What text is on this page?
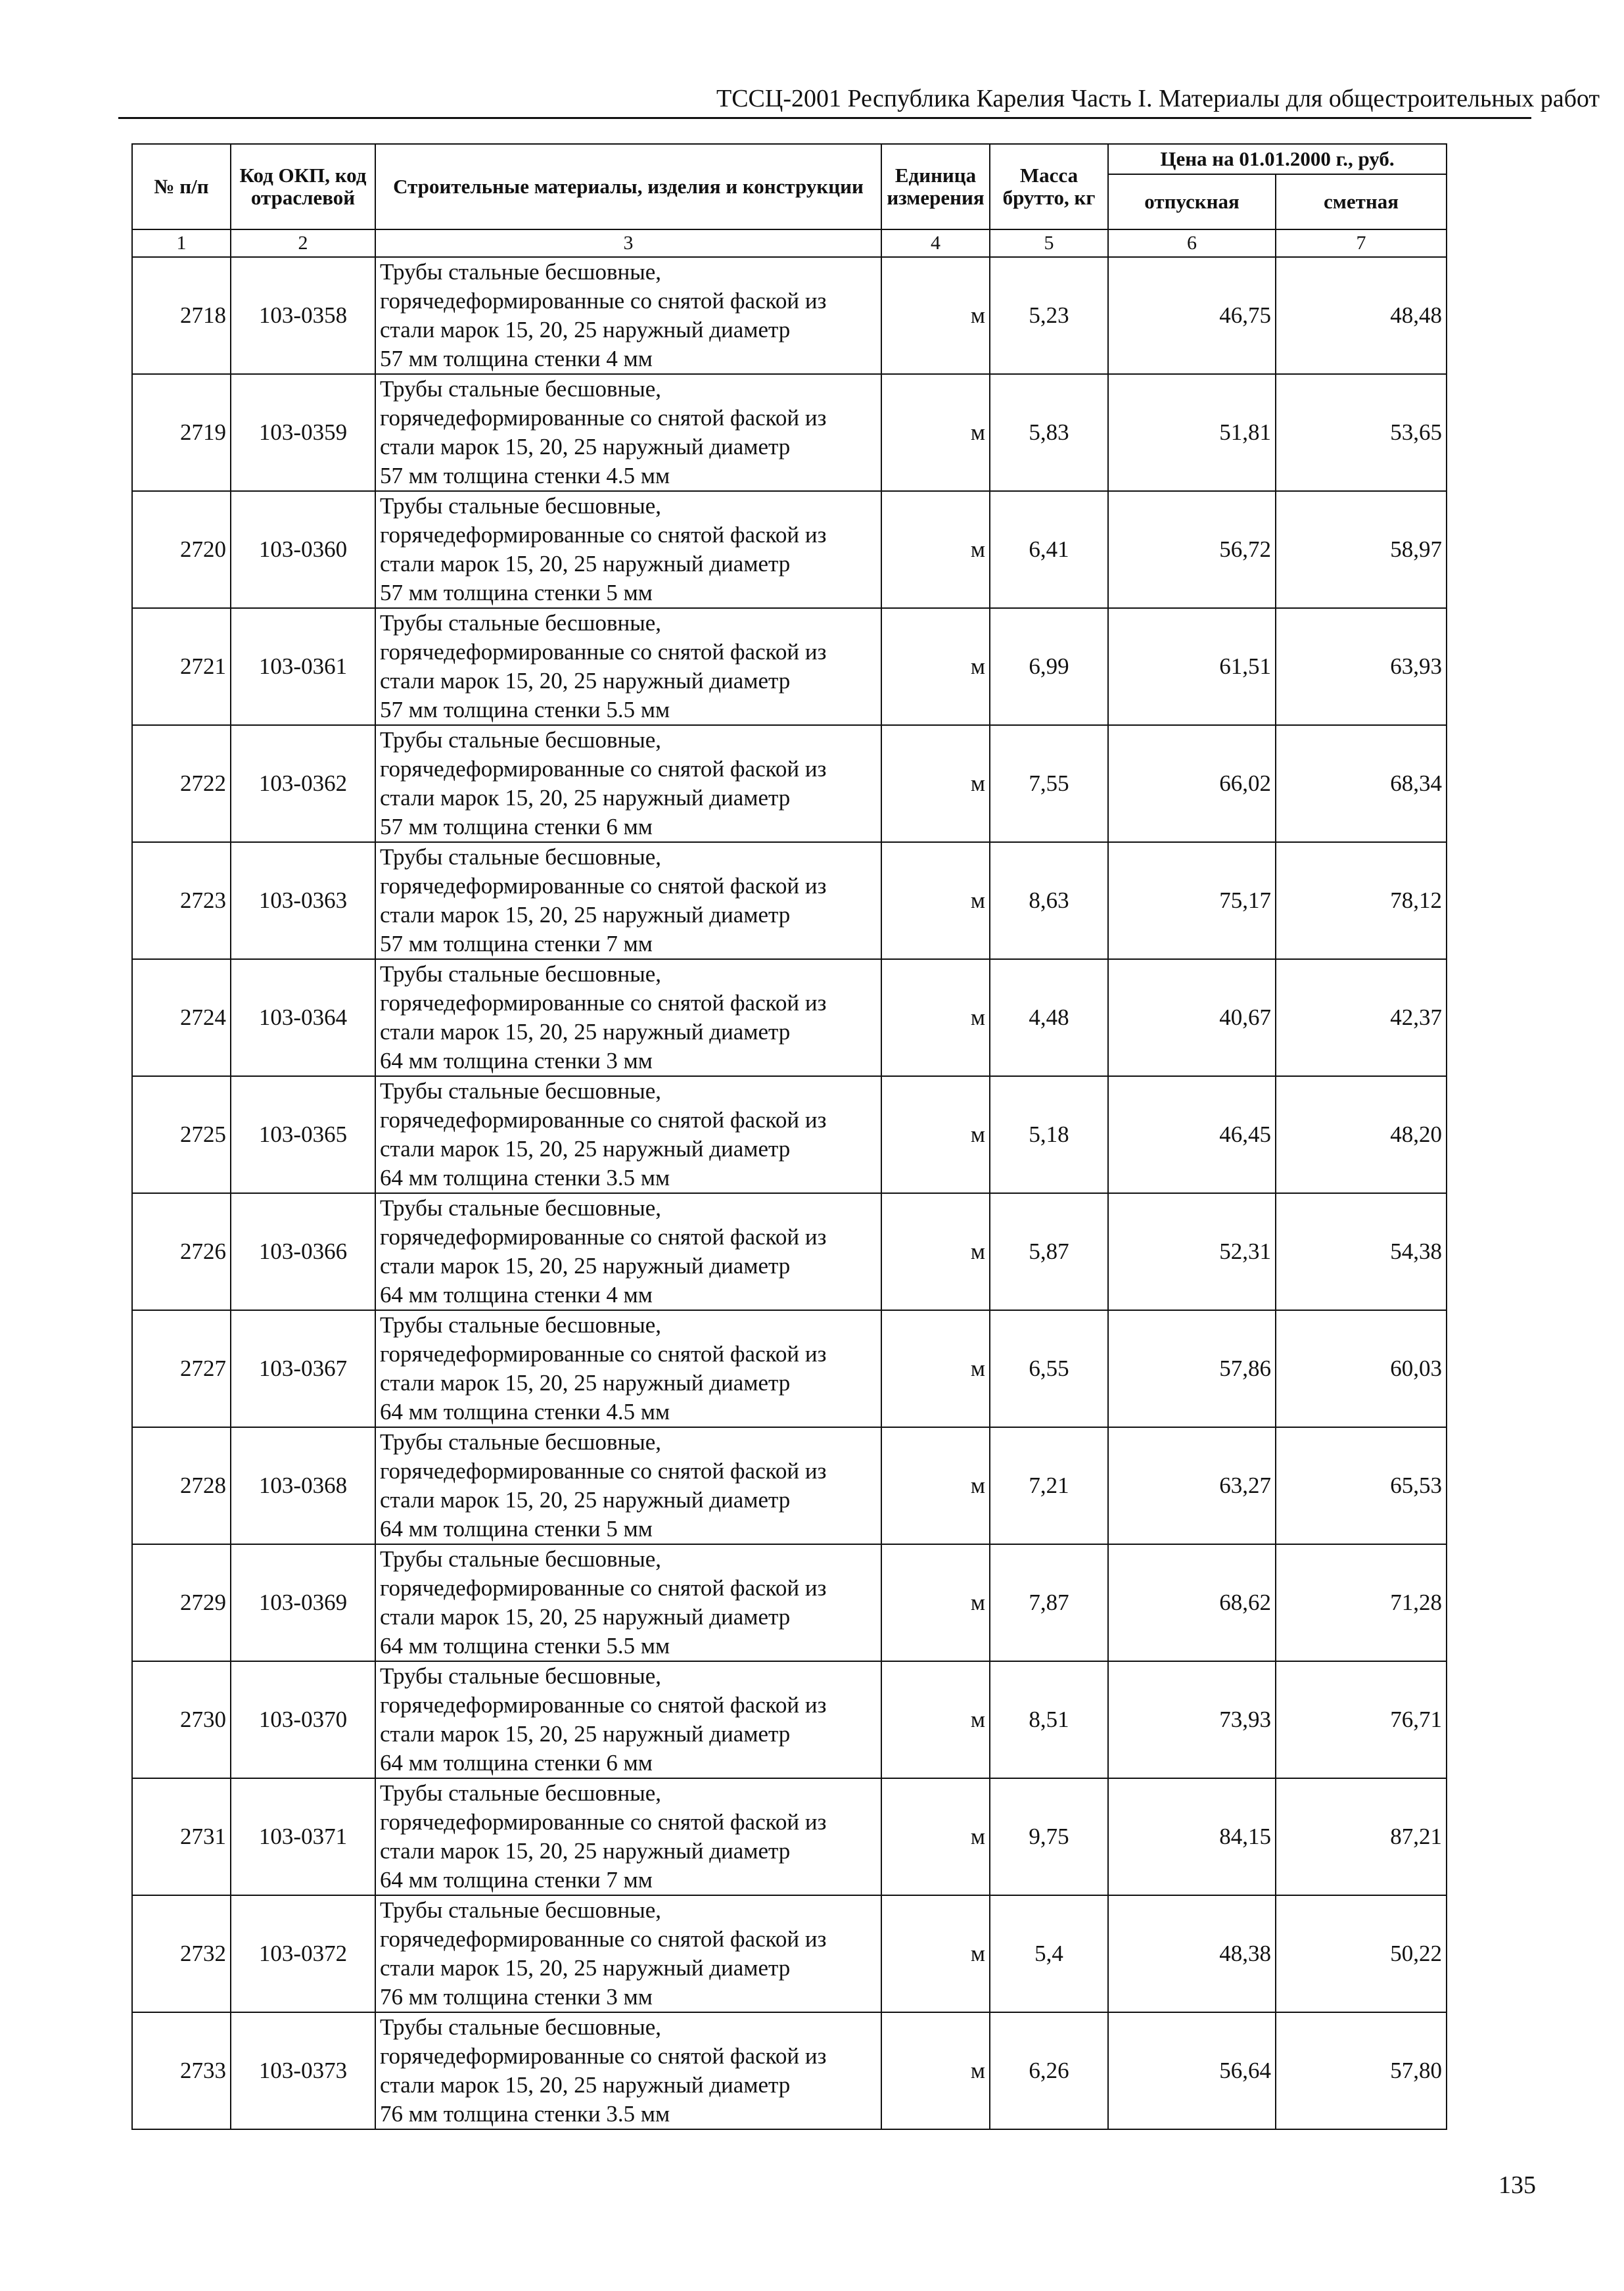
ТССЦ-2001 Республика Карелия Часть I. Материалы для общестроительных работ
№ п/п	Код ОКП, код отраслевой	Строительные материалы, изделия и конструкции	Единица измерения	Масса брутто, кг	Цена на 01.01.2000 г., руб.	
					отпускная	сметная
1	2	3	4	5	6	7
2718	103-0358	Трубы стальные бесшовные,
горячедеформированные со снятой фаской из
стали марок 15, 20, 25 наружный диаметр
57 мм толщина стенки 4 мм	м	5,23	46,75	48,48
2719	103-0359	Трубы стальные бесшовные,
горячедеформированные со снятой фаской из
стали марок 15, 20, 25 наружный диаметр
57 мм толщина стенки 4.5 мм	м	5,83	51,81	53,65
2720	103-0360	Трубы стальные бесшовные,
горячедеформированные со снятой фаской из
стали марок 15, 20, 25 наружный диаметр
57 мм толщина стенки 5 мм	м	6,41	56,72	58,97
2721	103-0361	Трубы стальные бесшовные,
горячедеформированные со снятой фаской из
стали марок 15, 20, 25 наружный диаметр
57 мм толщина стенки 5.5 мм	м	6,99	61,51	63,93
2722	103-0362	Трубы стальные бесшовные,
горячедеформированные со снятой фаской из
стали марок 15, 20, 25 наружный диаметр
57 мм толщина стенки 6 мм	м	7,55	66,02	68,34
2723	103-0363	Трубы стальные бесшовные,
горячедеформированные со снятой фаской из
стали марок 15, 20, 25 наружный диаметр
57 мм толщина стенки 7 мм	м	8,63	75,17	78,12
2724	103-0364	Трубы стальные бесшовные,
горячедеформированные со снятой фаской из
стали марок 15, 20, 25 наружный диаметр
64 мм толщина стенки 3 мм	м	4,48	40,67	42,37
2725	103-0365	Трубы стальные бесшовные,
горячедеформированные со снятой фаской из
стали марок 15, 20, 25 наружный диаметр
64 мм толщина стенки 3.5 мм	м	5,18	46,45	48,20
2726	103-0366	Трубы стальные бесшовные,
горячедеформированные со снятой фаской из
стали марок 15, 20, 25 наружный диаметр
64 мм толщина стенки 4 мм	м	5,87	52,31	54,38
2727	103-0367	Трубы стальные бесшовные,
горячедеформированные со снятой фаской из
стали марок 15, 20, 25 наружный диаметр
64 мм толщина стенки 4.5 мм	м	6,55	57,86	60,03
2728	103-0368	Трубы стальные бесшовные,
горячедеформированные со снятой фаской из
стали марок 15, 20, 25 наружный диаметр
64 мм толщина стенки 5 мм	м	7,21	63,27	65,53
2729	103-0369	Трубы стальные бесшовные,
горячедеформированные со снятой фаской из
стали марок 15, 20, 25 наружный диаметр
64 мм толщина стенки 5.5 мм	м	7,87	68,62	71,28
2730	103-0370	Трубы стальные бесшовные,
горячедеформированные со снятой фаской из
стали марок 15, 20, 25 наружный диаметр
64 мм толщина стенки 6 мм	м	8,51	73,93	76,71
2731	103-0371	Трубы стальные бесшовные,
горячедеформированные со снятой фаской из
стали марок 15, 20, 25 наружный диаметр
64 мм толщина стенки 7 мм	м	9,75	84,15	87,21
2732	103-0372	Трубы стальные бесшовные,
горячедеформированные со снятой фаской из
стали марок 15, 20, 25 наружный диаметр
76 мм толщина стенки 3 мм	м	5,4	48,38	50,22
2733	103-0373	Трубы стальные бесшовные,
горячедеформированные со снятой фаской из
стали марок 15, 20, 25 наружный диаметр
76 мм толщина стенки 3.5 мм	м	6,26	56,64	57,80
135
